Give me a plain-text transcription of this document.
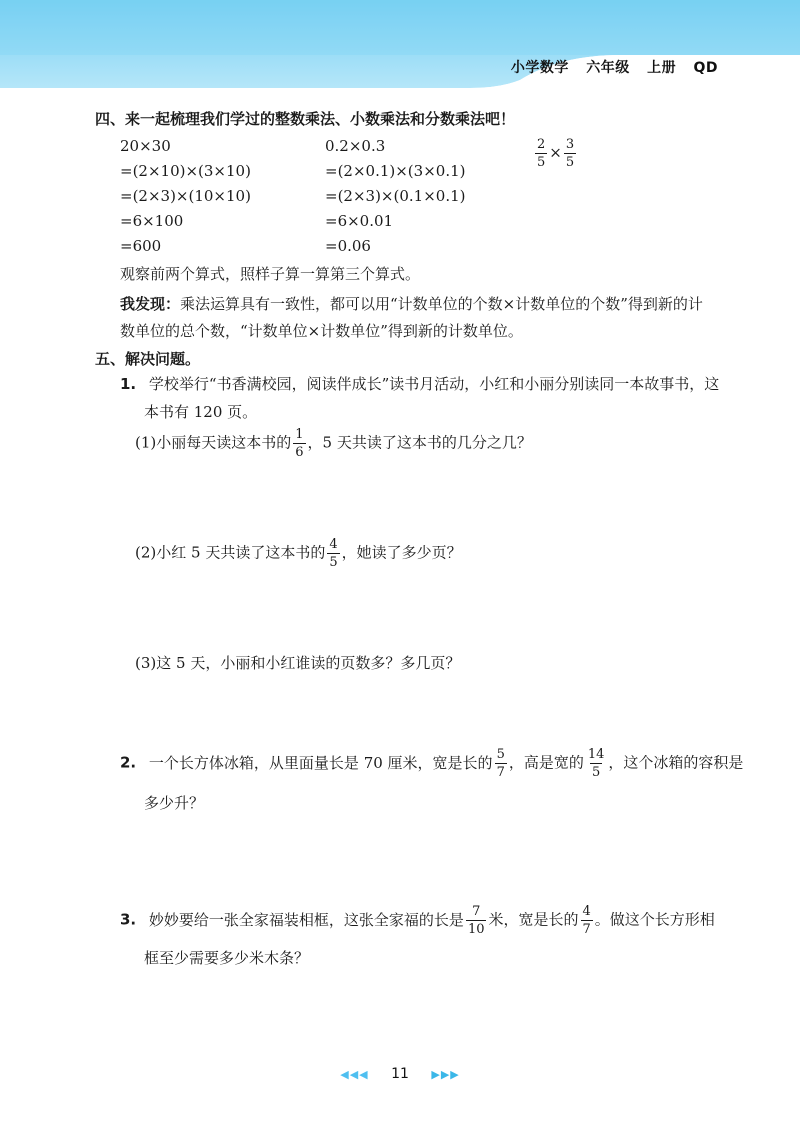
小学数学 六年级 上册 QD
四、来一起梳理我们学过的整数乘法、小数乘法和分数乘法吧！
20×30
=(2×10)×(3×10)
=(2×3)×(10×10)
=6×100
=600
0.2×0.3
=(2×0.1)×(3×0.1)
=(2×3)×(0.1×0.1)
=6×0.01
=0.06
$\frac{2}{5} \times \frac{3}{5}$
观察前两个算式，照样子算一算第三个算式。
我发现：乘法运算具有一致性，都可以用“计数单位的个数×计数单位的个数”得到新的计
数单位的总个数，“计数单位×计数单位”得到新的计数单位。
五、解决问题。
1. 学校举行“书香满校园，阅读伴成长”读书月活动，小红和小丽分别读同一本故事书，这
本书有 120 页。
(1)小丽每天读这本书的 $\frac{1}{6}$ ，5 天共读了这本书的几分之几？
(2)小红 5 天共读了这本书的 $\frac{4}{5}$ ，她读了多少页？
(3)这 5 天，小丽和小红谁读的页数多？多几页？
2. 一个长方体冰箱，从里面量长是 70 厘米，宽是长的 $\frac{5}{7}$ ，高是宽的 $\frac{14}{5}$ ，这个冰箱的容积是
多少升？
3. 妙妙要给一张全家福装相框，这张全家福的长是 $\frac{7}{10}$ 米，宽是长的 $\frac{4}{7}$ 。做这个长方形相
框至少需要多少米木条？
◀◀◀ 11 ▶▶▶
